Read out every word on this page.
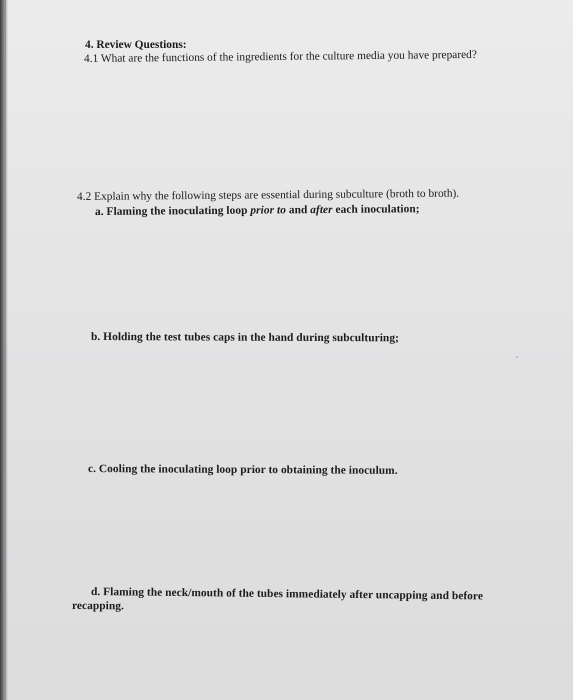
4. Review Questions:
4.1 What are the functions of the ingredients for the culture media you have prepared?
4.2 Explain why the following steps are essential during subculture (broth to broth).
a. Flaming the inoculating loop prior to and after each inoculation;
b. Holding the test tubes caps in the hand during subculturing;
c. Cooling the inoculating loop prior to obtaining the inoculum.
d. Flaming the neck/mouth of the tubes immediately after uncapping and before
recapping.
